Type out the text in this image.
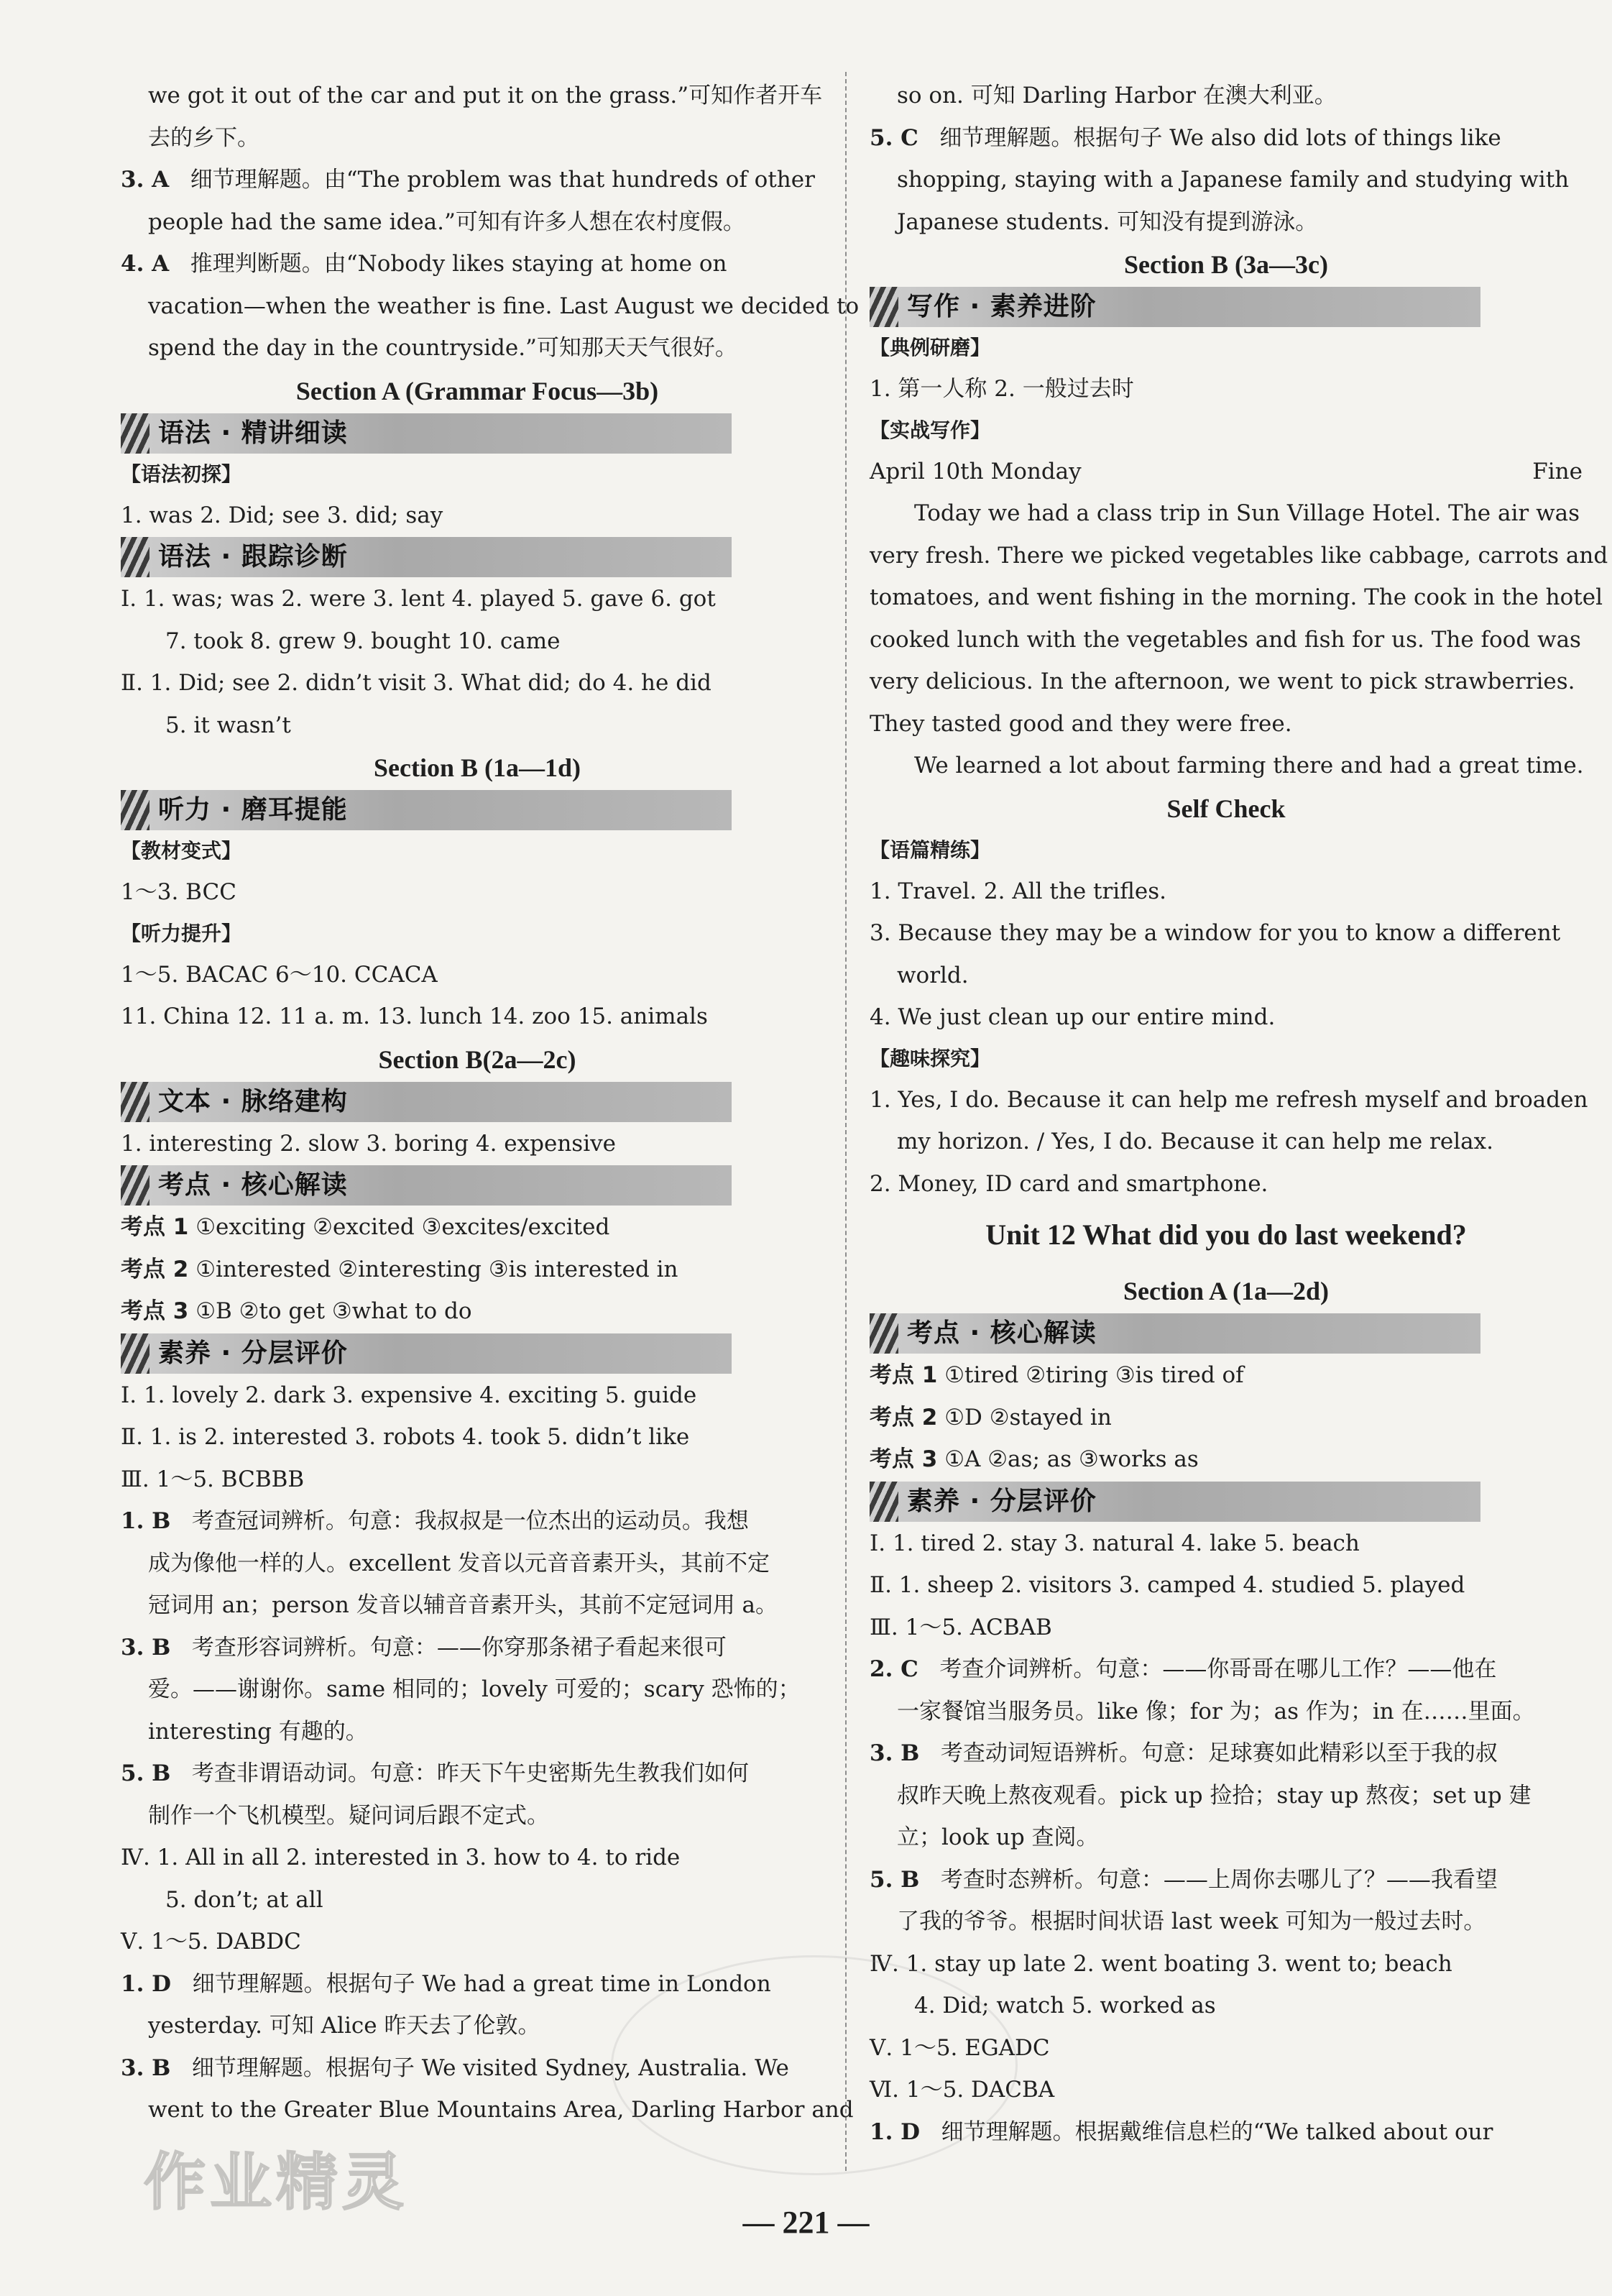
we got it out of the car and put it on the grass.”可知作者开车
去的乡下。
3. A 细节理解题。由“The problem was that hundreds of other
people had the same idea.”可知有许多人想在农村度假。
4. A 推理判断题。由“Nobody likes staying at home on
vacation—when the weather is fine. Last August we decided to
spend the day in the countryside.”可知那天天气很好。
Section A (Grammar Focus—3b)
语法 · 精讲细读
【语法初探】
1. was 2. Did; see 3. did; say
语法 · 跟踪诊断
Ⅰ. 1. was; was 2. were 3. lent 4. played 5. gave 6. got
7. took 8. grew 9. bought 10. came
Ⅱ. 1. Did; see 2. didn’t visit 3. What did; do 4. he did
5. it wasn’t
Section B (1a—1d)
听力 · 磨耳提能
【教材变式】
1～3. BCC
【听力提升】
1～5. BACAC 6～10. CCACA
11. China 12. 11 a. m. 13. lunch 14. zoo 15. animals
Section B(2a—2c)
文本 · 脉络建构
1. interesting 2. slow 3. boring 4. expensive
考点 · 核心解读
考点 1 ①exciting ②excited ③excites/excited
考点 2 ①interested ②interesting ③is interested in
考点 3 ①B ②to get ③what to do
素养 · 分层评价
Ⅰ. 1. lovely 2. dark 3. expensive 4. exciting 5. guide
Ⅱ. 1. is 2. interested 3. robots 4. took 5. didn’t like
Ⅲ. 1～5. BCBBB
1. B 考查冠词辨析。句意：我叔叔是一位杰出的运动员。我想
成为像他一样的人。excellent 发音以元音音素开头，其前不定
冠词用 an；person 发音以辅音音素开头，其前不定冠词用 a。
3. B 考查形容词辨析。句意：——你穿那条裙子看起来很可
爱。——谢谢你。same 相同的；lovely 可爱的；scary 恐怖的；
interesting 有趣的。
5. B 考查非谓语动词。句意：昨天下午史密斯先生教我们如何
制作一个飞机模型。疑问词后跟不定式。
Ⅳ. 1. All in all 2. interested in 3. how to 4. to ride
5. don’t; at all
Ⅴ. 1～5. DABDC
1. D 细节理解题。根据句子 We had a great time in London
yesterday. 可知 Alice 昨天去了伦敦。
3. B 细节理解题。根据句子 We visited Sydney, Australia. We
went to the Greater Blue Mountains Area, Darling Harbor and
so on. 可知 Darling Harbor 在澳大利亚。
5. C 细节理解题。根据句子 We also did lots of things like
shopping, staying with a Japanese family and studying with
Japanese students. 可知没有提到游泳。
Section B (3a—3c)
写作 · 素养进阶
【典例研磨】
1. 第一人称 2. 一般过去时
【实战写作】
April 10th Monday	Fine
Today we had a class trip in Sun Village Hotel. The air was
very fresh. There we picked vegetables like cabbage, carrots and
tomatoes, and went fishing in the morning. The cook in the hotel
cooked lunch with the vegetables and fish for us. The food was
very delicious. In the afternoon, we went to pick strawberries.
They tasted good and they were free.
We learned a lot about farming there and had a great time.
Self Check
【语篇精练】
1. Travel. 2. All the trifles.
3. Because they may be a window for you to know a different
world.
4. We just clean up our entire mind.
【趣味探究】
1. Yes, I do. Because it can help me refresh myself and broaden
my horizon. / Yes, I do. Because it can help me relax.
2. Money, ID card and smartphone.
Unit 12 What did you do last weekend?
Section A (1a—2d)
考点 · 核心解读
考点 1 ①tired ②tiring ③is tired of
考点 2 ①D ②stayed in
考点 3 ①A ②as; as ③works as
素养 · 分层评价
Ⅰ. 1. tired 2. stay 3. natural 4. lake 5. beach
Ⅱ. 1. sheep 2. visitors 3. camped 4. studied 5. played
Ⅲ. 1～5. ACBAB
2. C 考查介词辨析。句意：——你哥哥在哪儿工作？——他在
一家餐馆当服务员。like 像；for 为；as 作为；in 在……里面。
3. B 考查动词短语辨析。句意：足球赛如此精彩以至于我的叔
叔昨天晚上熬夜观看。pick up 捡拾；stay up 熬夜；set up 建
立；look up 查阅。
5. B 考查时态辨析。句意：——上周你去哪儿了？——我看望
了我的爷爷。根据时间状语 last week 可知为一般过去时。
Ⅳ. 1. stay up late 2. went boating 3. went to; beach
4. Did; watch 5. worked as
Ⅴ. 1～5. EGADC
Ⅵ. 1～5. DACBA
1. D 细节理解题。根据戴维信息栏的“We talked about our
作业精灵
— 221 —
